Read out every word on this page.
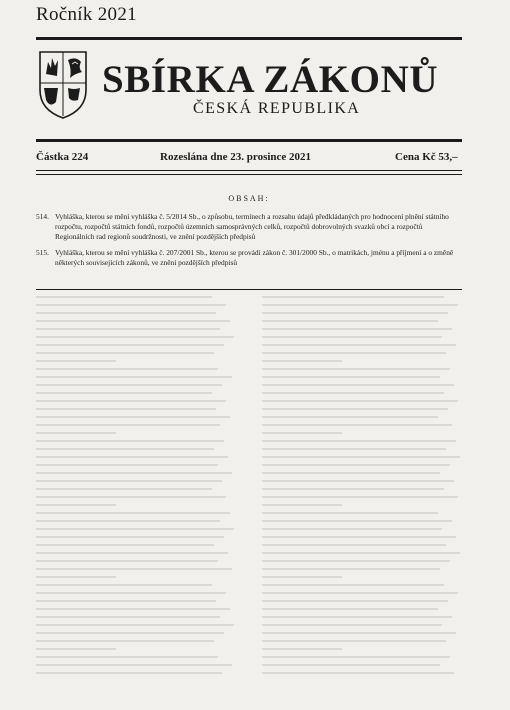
Ročník 2021
SBÍRKA ZÁKONŮ
ČESKÁ REPUBLIKA
Částka 224	Rozeslána dne 23. prosince 2021	Cena Kč 53,–
OBSAH:
514. Vyhláška, kterou se mění vyhláška č. 5/2014 Sb., o způsobu, termínech a rozsahu údajů předkládaných pro hodnocení plnění státního rozpočtu, rozpočtů státních fondů, rozpočtů územních samosprávných celků, rozpočtů dobrovolných svazků obcí a rozpočtů Regionálních rad regionů soudržnosti, ve znění pozdějších předpisů
515. Vyhláška, kterou se mění vyhláška č. 207/2001 Sb., kterou se provádí zákon č. 301/2000 Sb., o matrikách, jménu a příjmení a o změně některých souvisejících zákonů, ve znění pozdějších předpisů
